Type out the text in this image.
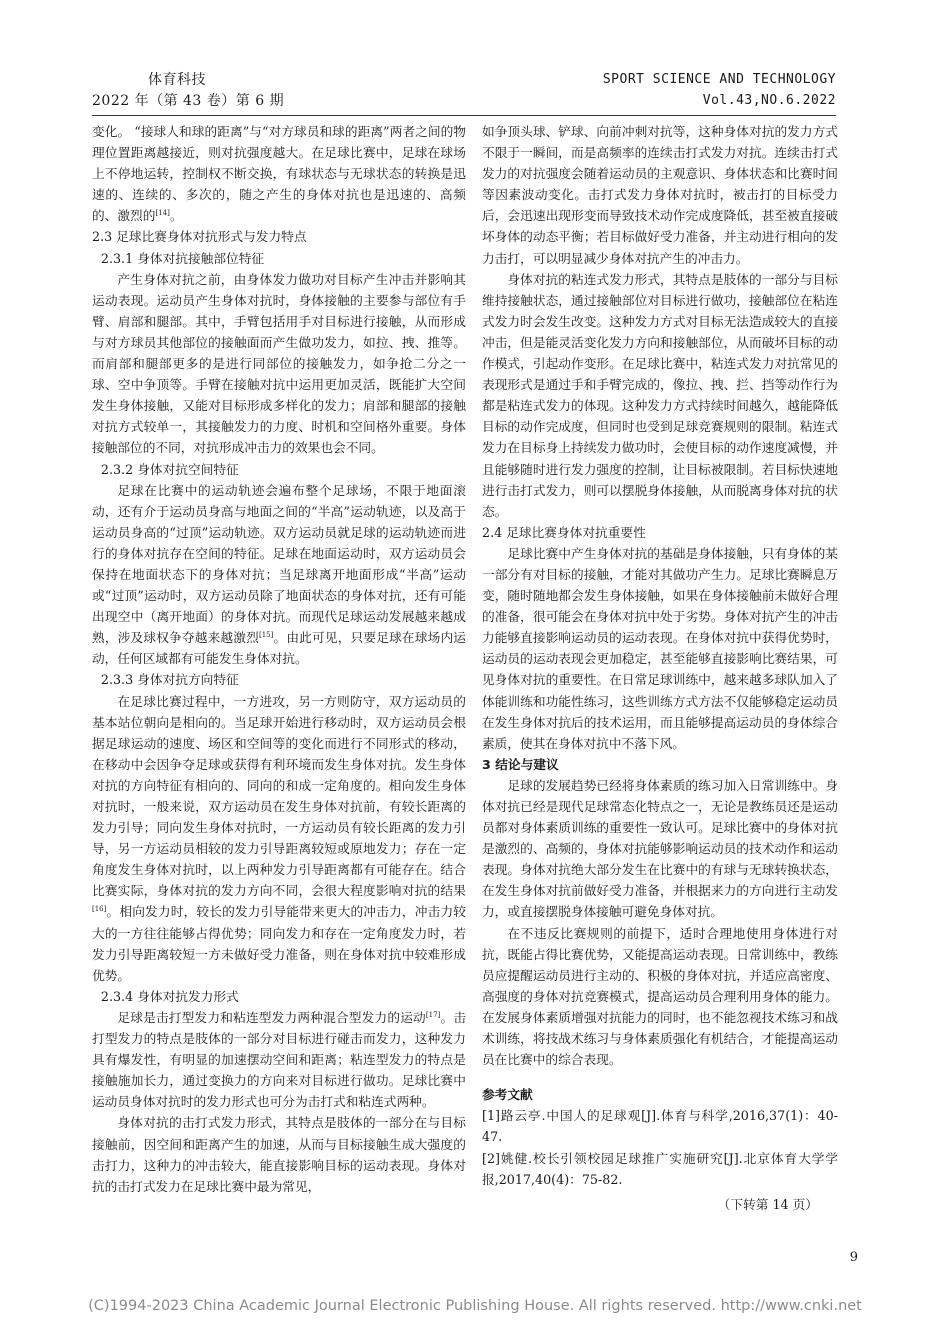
体育科技
2022 年（第 43 卷）第 6 期
SPORT SCIENCE AND TECHNOLOGY
Vol.43,NO.6.2022

变化。 “接球人和球的距离”与“对方球员和球的距离”两者之间的物理位置距离越接近，则对抗强度越大。在足球比赛中，足球在球场上不停地运转，控制权不断交换，有球状态与无球状态的转换是迅速的、连续的、多次的，随之产生的身体对抗也是迅速的、高频的、激烈的[14]。

2.3 足球比赛身体对抗形式与发力特点

2.3.1 身体对抗接触部位特征

产生身体对抗之前，由身体发力做功对目标产生冲击并影响其运动表现。运动员产生身体对抗时，身体接触的主要参与部位有手臂、肩部和腿部。其中，手臂包括用手对目标进行接触，从而形成与对方球员其他部位的接触面而产生做功发力，如拉、拽、推等。而肩部和腿部更多的是进行同部位的接触发力，如争抢二分之一球、空中争顶等。手臂在接触对抗中运用更加灵活，既能扩大空间发生身体接触，又能对目标形成多样化的发力；肩部和腿部的接触对抗方式较单一，其接触发力的力度、时机和空间格外重要。身体接触部位的不同，对抗形成冲击力的效果也会不同。

2.3.2 身体对抗空间特征

足球在比赛中的运动轨迹会遍布整个足球场，不限于地面滚动，还有介于运动员身高与地面之间的“半高”运动轨迹，以及高于运动员身高的“过顶”运动轨迹。双方运动员就足球的运动轨迹而进行的身体对抗存在空间的特征。足球在地面运动时，双方运动员会保持在地面状态下的身体对抗；当足球离开地面形成“半高”运动或“过顶”运动时，双方运动员除了地面状态的身体对抗，还有可能出现空中（离开地面）的身体对抗。而现代足球运动发展越来越成熟，涉及球权争夺越来越激烈[15]。由此可见，只要足球在球场内运动，任何区域都有可能发生身体对抗。

2.3.3 身体对抗方向特征

在足球比赛过程中，一方进攻，另一方则防守，双方运动员的基本站位朝向是相向的。当足球开始进行移动时，双方运动员会根据足球运动的速度、场区和空间等的变化而进行不同形式的移动，在移动中会因争夺足球或获得有利环境而发生身体对抗。发生身体对抗的方向特征有相向的、同向的和成一定角度的。相向发生身体对抗时，一般来说，双方运动员在发生身体对抗前，有较长距离的发力引导；同向发生身体对抗时，一方运动员有较长距离的发力引导，另一方运动员相较的发力引导距离较短或原地发力；存在一定角度发生身体对抗时，以上两种发力引导距离都有可能存在。结合比赛实际，身体对抗的发力方向不同，会很大程度影响对抗的结果[16]。相向发力时，较长的发力引导能带来更大的冲击力，冲击力较大的一方往往能够占得优势；同向发力和存在一定角度发力时，若发力引导距离较短一方未做好受力准备，则在身体对抗中较难形成优势。

2.3.4 身体对抗发力形式

足球是击打型发力和粘连型发力两种混合型发力的运动[17]。击打型发力的特点是肢体的一部分对目标进行碰击而发力，这种发力具有爆发性，有明显的加速摆动空间和距离；粘连型发力的特点是接触施加长力，通过变换力的方向来对目标进行做功。足球比赛中运动员身体对抗时的发力形式也可分为击打式和粘连式两种。

身体对抗的击打式发力形式，其特点是肢体的一部分在与目标接触前，因空间和距离产生的加速，从而与目标接触生成大强度的击打力，这种力的冲击较大，能直接影响目标的运动表现。身体对抗的击打式发力在足球比赛中最为常见，

如争顶头球、铲球、向前冲刺对抗等，这种身体对抗的发力方式不限于一瞬间，而是高频率的连续击打式发力对抗。连续击打式发力的对抗强度会随着运动员的主观意识、身体状态和比赛时间等因素波动变化。击打式发力身体对抗时，被击打的目标受力后，会迅速出现形变而导致技术动作完成度降低，甚至被直接破坏身体的动态平衡；若目标做好受力准备，并主动进行相向的发力击打，可以明显减少身体对抗产生的冲击力。

身体对抗的粘连式发力形式，其特点是肢体的一部分与目标维持接触状态，通过接触部位对目标进行做功，接触部位在粘连式发力时会发生改变。这种发力方式对目标无法造成较大的直接冲击，但是能灵活变化发力方向和接触部位，从而破坏目标的动作模式，引起动作变形。在足球比赛中，粘连式发力对抗常见的表现形式是通过手和手臂完成的，像拉、拽、拦、挡等动作行为都是粘连式发力的体现。这种发力方式持续时间越久，越能降低目标的动作完成度，但同时也受到足球竞赛规则的限制。粘连式发力在目标身上持续发力做功时，会使目标的动作速度减慢，并且能够随时进行发力强度的控制，让目标被限制。若目标快速地进行击打式发力，则可以摆脱身体接触，从而脱离身体对抗的状态。

2.4 足球比赛身体对抗重要性

足球比赛中产生身体对抗的基础是身体接触，只有身体的某一部分有对目标的接触，才能对其做功产生力。足球比赛瞬息万变，随时随地都会发生身体接触，如果在身体接触前未做好合理的准备，很可能会在身体对抗中处于劣势。身体对抗产生的冲击力能够直接影响运动员的运动表现。在身体对抗中获得优势时，运动员的运动表现会更加稳定，甚至能够直接影响比赛结果，可见身体对抗的重要性。在日常足球训练中，越来越多球队加入了体能训练和功能性练习，这些训练方式方法不仅能够稳定运动员在发生身体对抗后的技术运用，而且能够提高运动员的身体综合素质，使其在身体对抗中不落下风。

3 结论与建议

足球的发展趋势已经将身体素质的练习加入日常训练中。身体对抗已经是现代足球常态化特点之一，无论是教练员还是运动员都对身体素质训练的重要性一致认可。足球比赛中的身体对抗是激烈的、高频的，身体对抗能够影响运动员的技术动作和运动表现。身体对抗绝大部分发生在比赛中的有球与无球转换状态，在发生身体对抗前做好受力准备，并根据来力的方向进行主动发力，或直接摆脱身体接触可避免身体对抗。

在不违反比赛规则的前提下，适时合理地使用身体进行对抗，既能占得比赛优势，又能提高运动表现。日常训练中，教练员应提醒运动员进行主动的、积极的身体对抗，并适应高密度、高强度的身体对抗竞赛模式，提高运动员合理利用身体的能力。在发展身体素质增强对抗能力的同时，也不能忽视技术练习和战术训练，将技战术练习与身体素质强化有机结合，才能提高运动员在比赛中的综合表现。

参考文献

[1]路云亭.中国人的足球观[J].体育与科学,2016,37(1)：40-47.

[2]姚健.校长引领校园足球推广实施研究[J].北京体育大学学报,2017,40(4)：75-82.

（下转第 14 页）

9
(C)1994-2023 China Academic Journal Electronic Publishing House. All rights reserved. http://www.cnki.net
